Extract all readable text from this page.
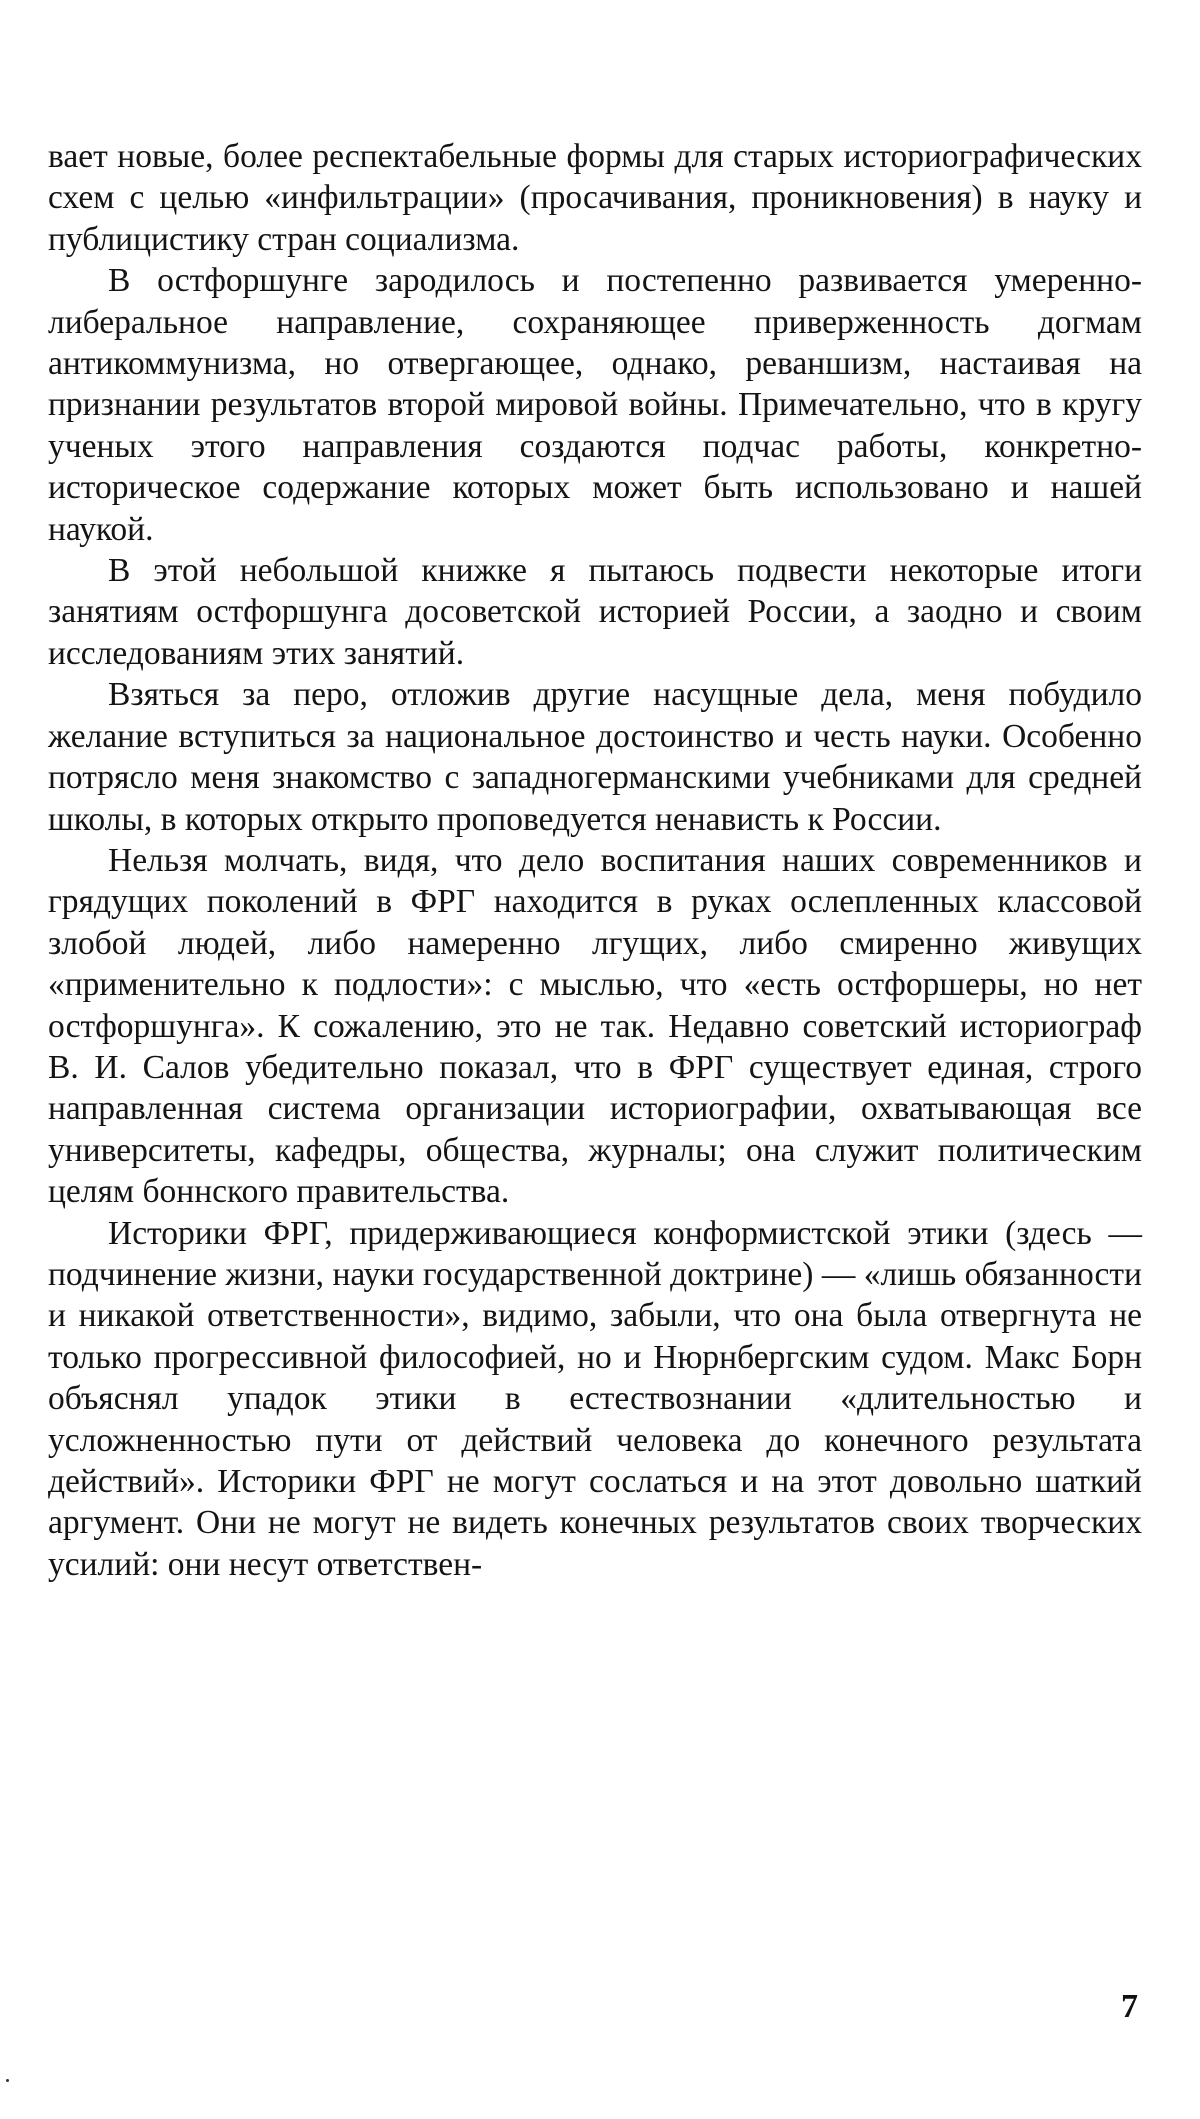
вает новые, более респектабельные формы для старых историографических схем с целью «инфильтрации» (просачивания, проникновения) в науку и публицистику стран социализма.

В остфоршунге зародилось и постепенно развивается умеренно-либеральное направление, сохраняющее приверженность догмам антикоммунизма, но отвергающее, однако, реваншизм, настаивая на признании результатов второй мировой войны. Примечательно, что в кругу ученых этого направления создаются подчас работы, конкретно-историческое содержание которых может быть использовано и нашей наукой.

В этой небольшой книжке я пытаюсь подвести некоторые итоги занятиям остфоршунга досоветской историей России, а заодно и своим исследованиям этих занятий.

Взяться за перо, отложив другие насущные дела, меня побудило желание вступиться за национальное достоинство и честь науки. Особенно потрясло меня знакомство с западногерманскими учебниками для средней школы, в которых открыто проповедуется ненависть к России.

Нельзя молчать, видя, что дело воспитания наших современников и грядущих поколений в ФРГ находится в руках ослепленных классовой злобой людей, либо намеренно лгущих, либо смиренно живущих «применительно к подлости»: с мыслью, что «есть остфоршеры, но нет остфоршунга». К сожалению, это не так. Недавно советский историограф В. И. Салов убедительно показал, что в ФРГ существует единая, строго направленная система организации историографии, охватывающая все университеты, кафедры, общества, журналы; она служит политическим целям боннского правительства.

Историки ФРГ, придерживающиеся конформистской этики (здесь — подчинение жизни, науки государственной доктрине) — «лишь обязанности и никакой ответственности», видимо, забыли, что она была отвергнута не только прогрессивной философией, но и Нюрнбергским судом. Макс Борн объяснял упадок этики в естествознании «длительностью и усложненностью пути от действий человека до конечного результата действий». Историки ФРГ не могут сослаться и на этот довольно шаткий аргумент. Они не могут не видеть конечных результатов своих творческих усилий: они несут ответствен-

7
